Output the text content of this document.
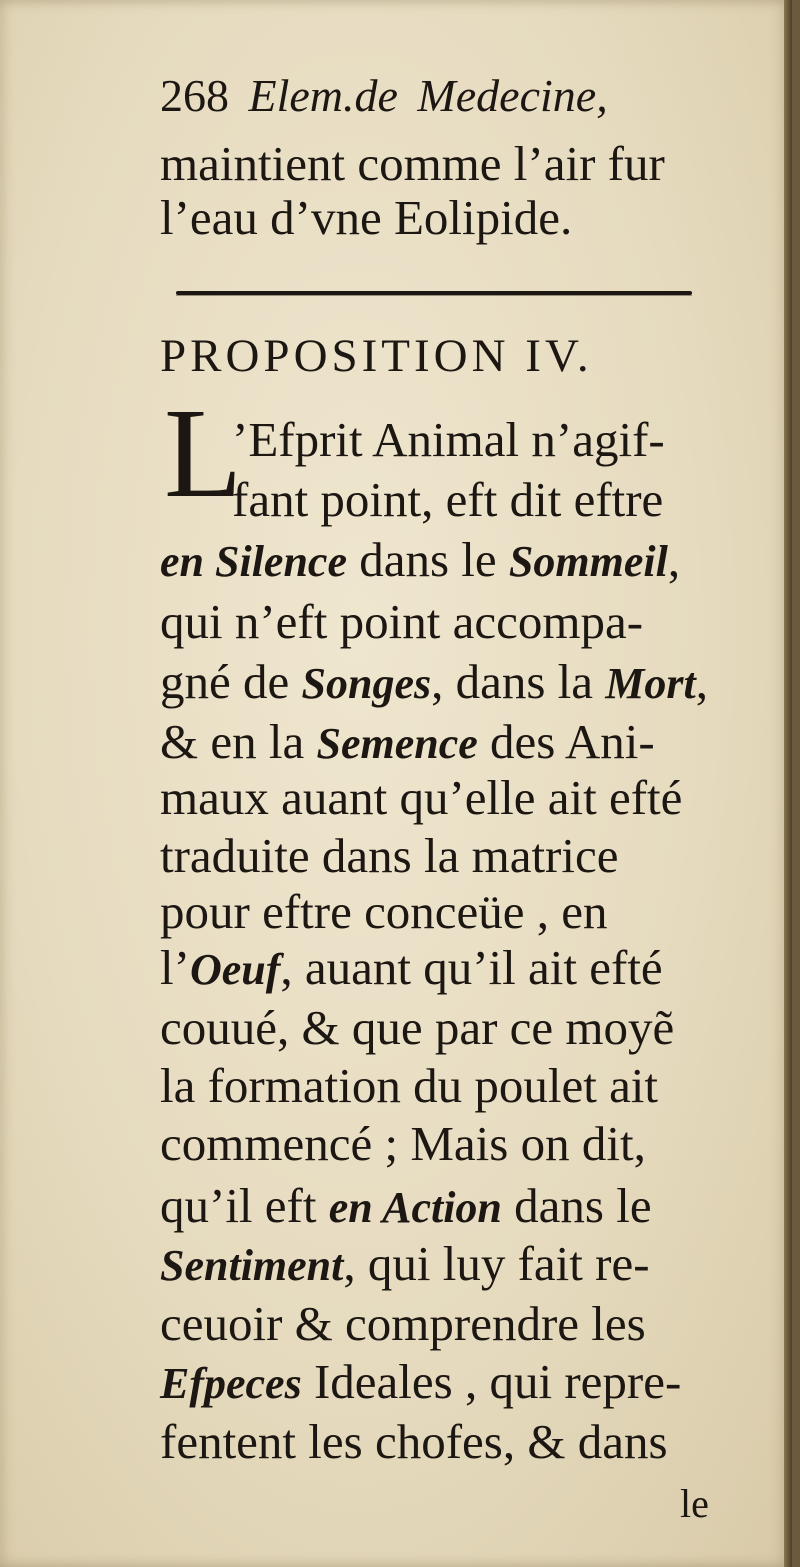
268 Elem.de Medecine,
maintient comme l’air fur
l’eau d’vne Eolipide.
PROPOSITION IV.
L
’Efprit Animal n’agif-
fant point, eft dit eftre
en Silence dans le Sommeil,
qui n’eft point accompa-
gné de Songes, dans la Mort,
& en la Semence des Ani-
maux auant qu’elle ait efté
traduite dans la matrice
pour eftre conceüe , en
l’Oeuf, auant qu’il ait efté
couué, & que par ce moyẽ
la formation du poulet ait
commencé ; Mais on dit,
qu’il eft en Action dans le
Sentiment, qui luy fait re-
ceuoir & comprendre les
Efpeces Ideales , qui repre-
fentent les chofes, & dans
le
